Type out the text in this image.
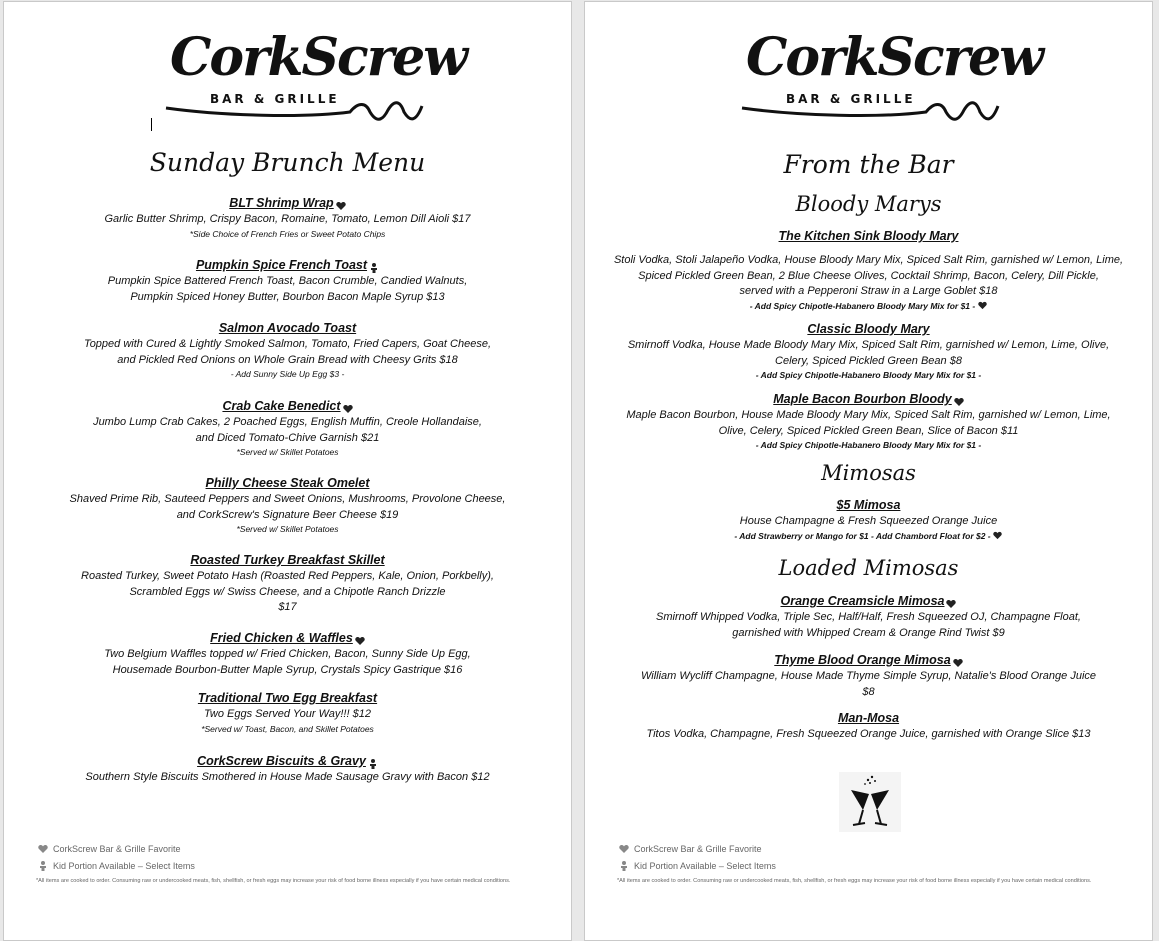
CorkScrew
BAR & GRILLE
Sunday Brunch Menu
BLT Shrimp Wrap
Garlic Butter Shrimp, Crispy Bacon, Romaine, Tomato, Lemon Dill Aioli $17
*Side Choice of French Fries or Sweet Potato Chips
Pumpkin Spice French Toast
Pumpkin Spice Battered French Toast, Bacon Crumble, Candied Walnuts,
Pumpkin Spiced Honey Butter, Bourbon Bacon Maple Syrup $13
Salmon Avocado Toast
Topped with Cured & Lightly Smoked Salmon, Tomato, Fried Capers, Goat Cheese,
and Pickled Red Onions on Whole Grain Bread with Cheesy Grits $18
- Add Sunny Side Up Egg $3 -
Crab Cake Benedict
Jumbo Lump Crab Cakes, 2 Poached Eggs, English Muffin, Creole Hollandaise,
and Diced Tomato-Chive Garnish $21
*Served w/ Skillet Potatoes
Philly Cheese Steak Omelet
Shaved Prime Rib, Sauteed Peppers and Sweet Onions, Mushrooms, Provolone Cheese,
and CorkScrew's Signature Beer Cheese $19
*Served w/ Skillet Potatoes
Roasted Turkey Breakfast Skillet
Roasted Turkey, Sweet Potato Hash (Roasted Red Peppers, Kale, Onion, Porkbelly),
Scrambled Eggs w/ Swiss Cheese, and a Chipotle Ranch Drizzle
$17
Fried Chicken & Waffles
Two Belgium Waffles topped w/ Fried Chicken, Bacon, Sunny Side Up Egg,
Housemade Bourbon-Butter Maple Syrup, Crystals Spicy Gastrique $16
Traditional Two Egg Breakfast
Two Eggs Served Your Way!!! $12
*Served w/ Toast, Bacon, and Skillet Potatoes
CorkScrew Biscuits & Gravy
Southern Style Biscuits Smothered in House Made Sausage Gravy with Bacon $12
CorkScrew Bar & Grille Favorite
Kid Portion Available – Select Items
*All items are cooked to order. Consuming raw or undercooked meats, fish, shellfish, or fresh eggs may increase your risk of food borne illness especially if you have certain medical conditions.
CorkScrew
BAR & GRILLE
From the Bar
Bloody Marys
The Kitchen Sink Bloody Mary
Stoli Vodka, Stoli Jalapeño Vodka, House Bloody Mary Mix, Spiced Salt Rim, garnished w/ Lemon, Lime,
Spiced Pickled Green Bean, 2 Blue Cheese Olives, Cocktail Shrimp, Bacon, Celery, Dill Pickle,
served with a Pepperoni Straw in a Large Goblet $18
- Add Spicy Chipotle-Habanero Bloody Mary Mix for $1 -
Classic Bloody Mary
Smirnoff Vodka, House Made Bloody Mary Mix, Spiced Salt Rim, garnished w/ Lemon, Lime, Olive,
Celery, Spiced Pickled Green Bean $8
- Add Spicy Chipotle-Habanero Bloody Mary Mix for $1 -
Maple Bacon Bourbon Bloody
Maple Bacon Bourbon, House Made Bloody Mary Mix, Spiced Salt Rim, garnished w/ Lemon, Lime,
Olive, Celery, Spiced Pickled Green Bean, Slice of Bacon $11
- Add Spicy Chipotle-Habanero Bloody Mary Mix for $1 -
Mimosas
$5 Mimosa
House Champagne & Fresh Squeezed Orange Juice
- Add Strawberry or Mango for $1 - Add Chambord Float for $2 -
Loaded Mimosas
Orange Creamsicle Mimosa
Smirnoff Whipped Vodka, Triple Sec, Half/Half, Fresh Squeezed OJ, Champagne Float,
garnished with Whipped Cream & Orange Rind Twist $9
Thyme Blood Orange Mimosa
William Wycliff Champagne, House Made Thyme Simple Syrup, Natalie's Blood Orange Juice
$8
Man-Mosa
Titos Vodka, Champagne, Fresh Squeezed Orange Juice, garnished with Orange Slice $13
CorkScrew Bar & Grille Favorite
Kid Portion Available – Select Items
*All items are cooked to order. Consuming raw or undercooked meats, fish, shellfish, or fresh eggs may increase your risk of food borne illness especially if you have certain medical conditions.
